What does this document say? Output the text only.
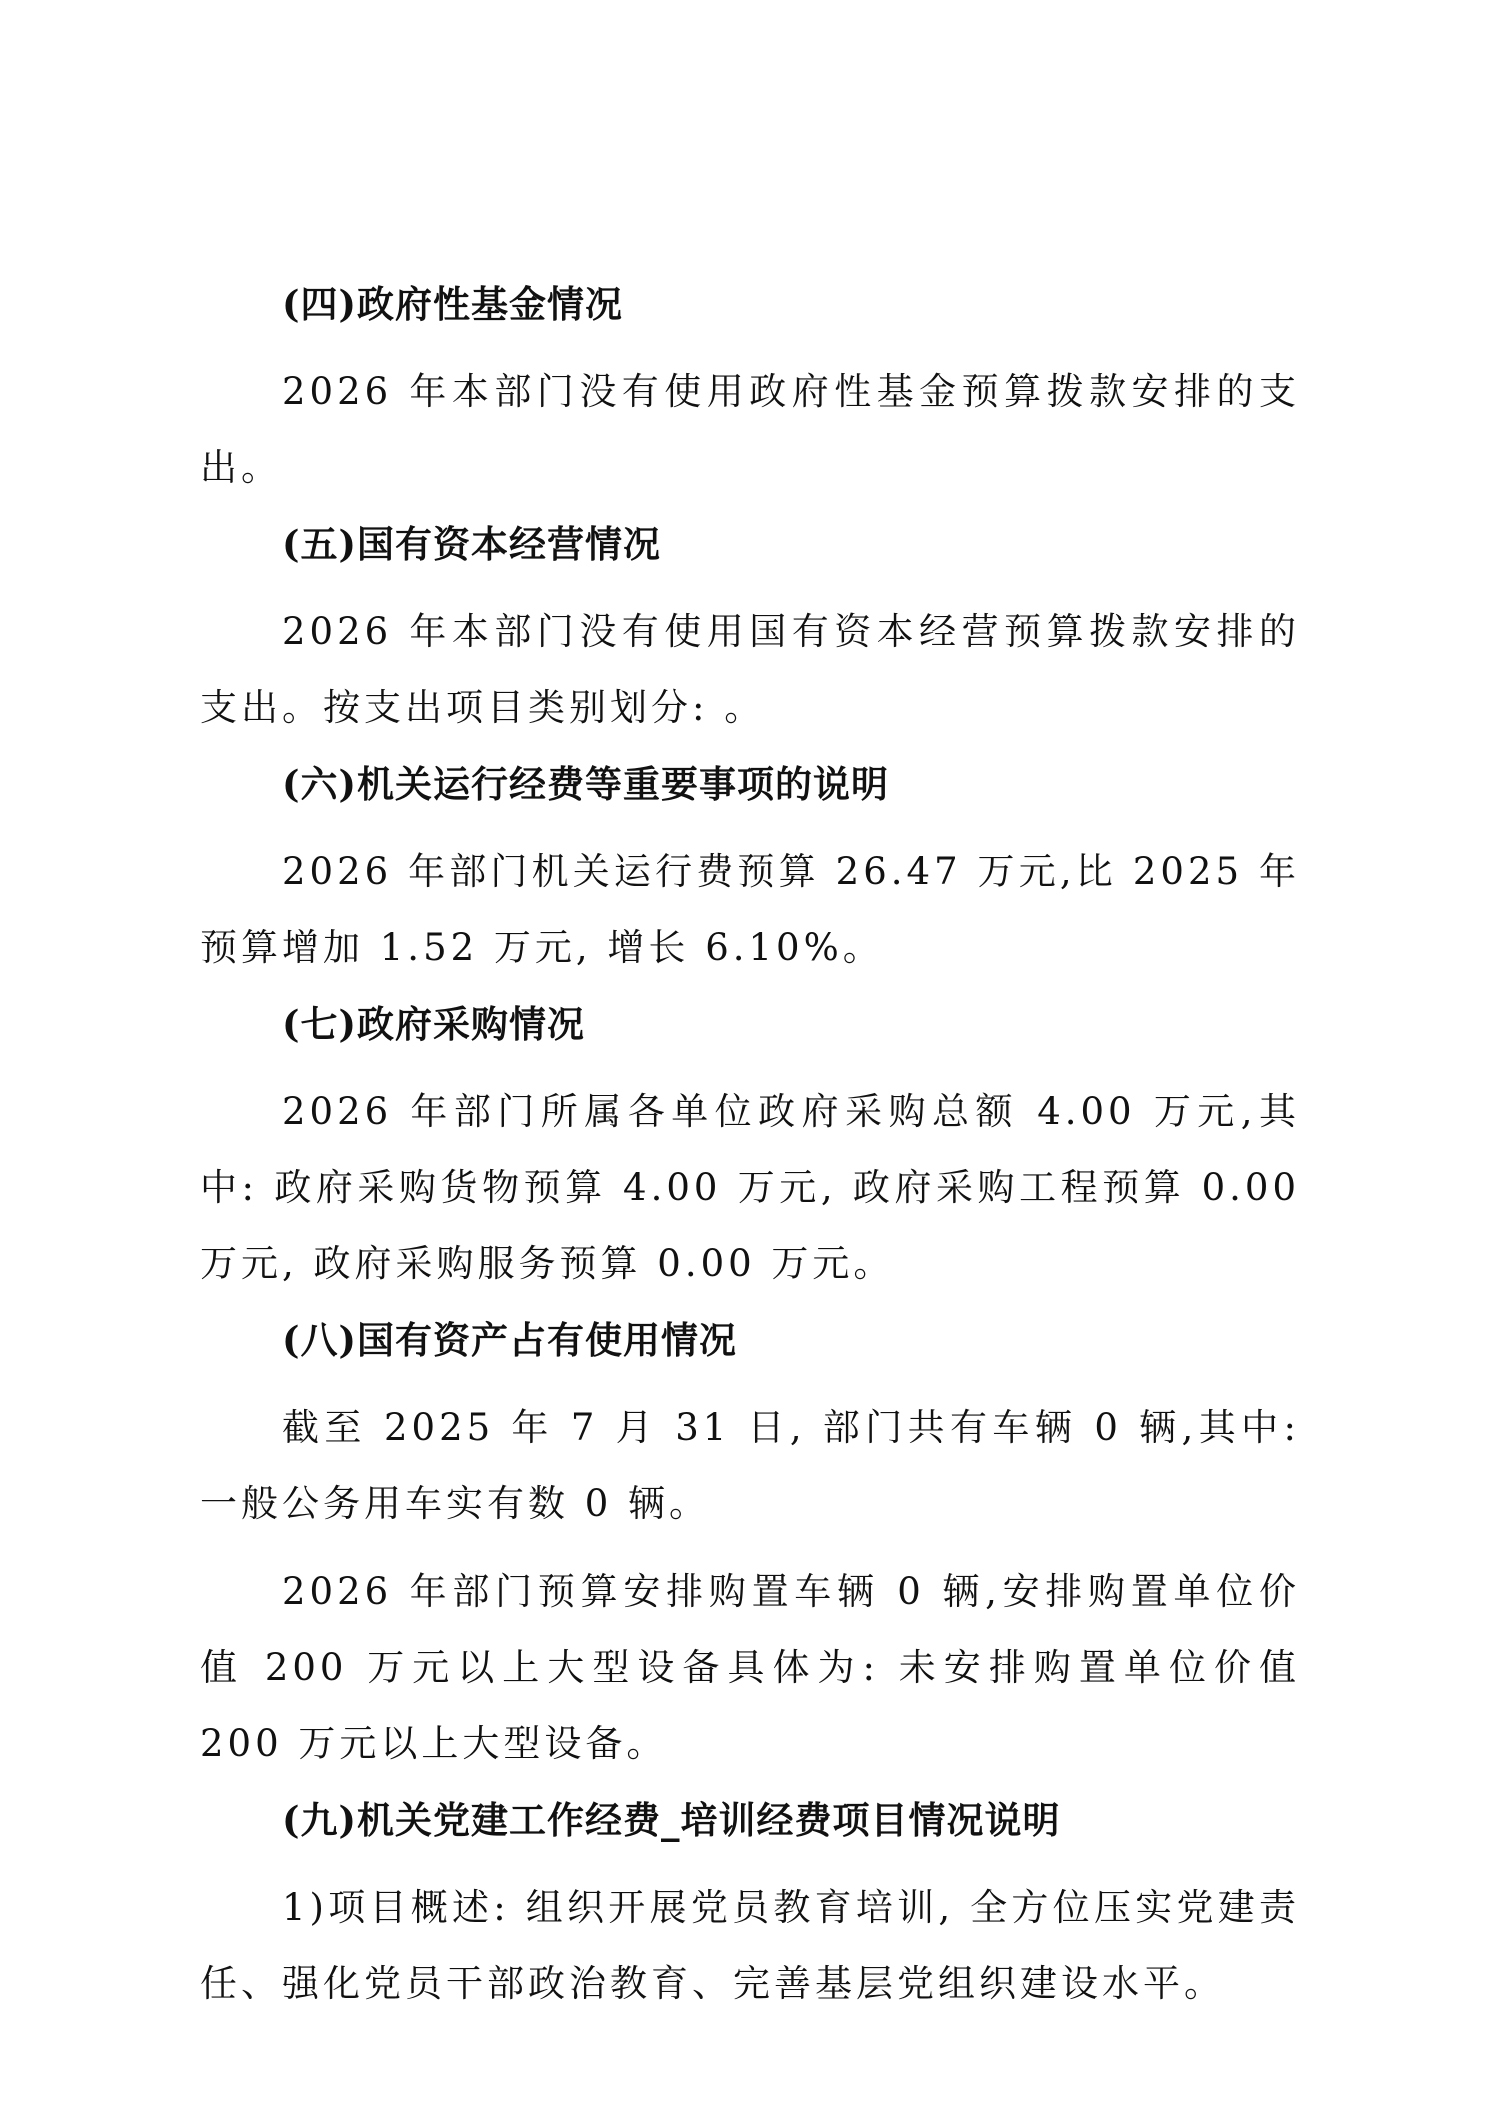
(四)政府性基金情况
2026 年本部门没有使用政府性基金预算拨款安排的支出。
(五)国有资本经营情况
2026 年本部门没有使用国有资本经营预算拨款安排的支出。按支出项目类别划分: 。
(六)机关运行经费等重要事项的说明
2026 年部门机关运行费预算 26.47 万元,比 2025 年预算增加 1.52 万元, 增长 6.10%。
(七)政府采购情况
2026 年部门所属各单位政府采购总额 4.00 万元,其中: 政府采购货物预算 4.00 万元, 政府采购工程预算 0.00 万元, 政府采购服务预算 0.00 万元。
(八)国有资产占有使用情况
截至 2025 年 7 月 31 日, 部门共有车辆 0 辆,其中: 一般公务用车实有数 0 辆。
2026 年部门预算安排购置车辆 0 辆,安排购置单位价值 200 万元以上大型设备具体为: 未安排购置单位价值 200 万元以上大型设备。
(九)机关党建工作经费_培训经费项目情况说明
1)项目概述: 组织开展党员教育培训, 全方位压实党建责任、强化党员干部政治教育、完善基层党组织建设水平。
